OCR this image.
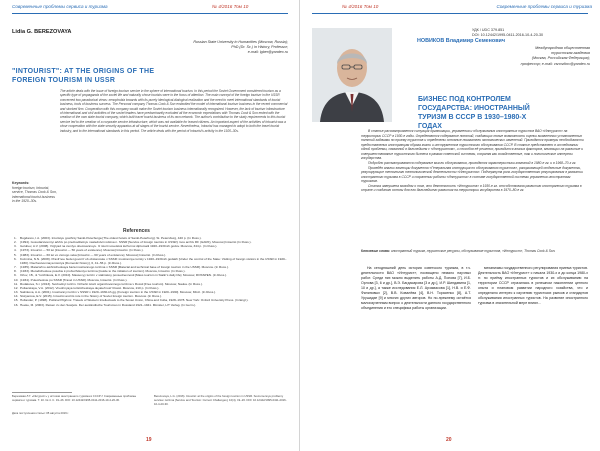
Современные проблемы сервиса и туризма	№ 4/2016 Том 10
Lidia G. BEREZOVAYA
Russian State University in Humanities (Moscow, Russia);
PhD (Dr. Sc.) in History, Professor;
e-mail: lgber@yandex.ru
"INTOURIST": AT THE ORIGINS OF THE FOREIGN TOURISM IN USSR
The article deals with the issue of foreign tourism service in the sphere of international tourism. In this period the Soviet Government considered tourism as a specific type of propaganda of the soviet life and naturally chose tourists were in the focus of attention. The main concept of the foreign tourism in the USSR concerned two paradoxical views: xenophobia towards with its purely ideological-dialogical realization and the need to meet international standards of tourist business, tools of business success. The Personal company Thomas Cook & Son embodied the model of international tourism business in the recent commercial and stocked firm. Cooperation with this company would make the Soviet tourism business internationally recognized. However, the lack of tourism infrastructure of international and civil activities of the soviet leaders have predominantly excluded all the economic expectations with Thomas Cook & Son ended with the creation of the own state tourist company, which built travel tourist business of its own network. The author's contribution to the study requirements to this tourist service led to the creation of a corporate service infrastructure, which was not available for leased citizens. An important aspect of the activities of Intourist was a close cooperation with the state security apparatus at all stages of the tourist service. Nevertheless, Intourist has managed to adopt to both the travel tourist industry, and to the international standards in this period. The article deals with the period of Intourist's activity in the 1920–30s.
Keywords:
foreign tourism, Intourist, service, Thomas Cook & Son, international tourist business in the 1920–30s.
References
1.	Bogdanov, I.A. (2003). Inturistye gosthniy Sankt-Peterburga [The oldest hotels of Sankt-Peterburg]. St. Petersburg, 440 p. (In Russ.).
2.	(1994). Gosudarstvennyi arkhiv po predvoditelnyu nasledstvii rodstva n. SSSR [Service of foreign tourists in USSR]. Gos archiv RF (GARF), Moscow] Intourist (In Russ.).
3.	Golubev, A.V. (2008). Vzglyad na zemlyu obetovannuyu. Iz istorii sovetskoi kul'turnoi diplomatii 1920–1930-kh godov. Moscow, 344 p. (In Russ.).
4.	(1973). Intourist — 50 let [Intourist — 50 years of existence]. Moscow] Intourist. (In Russ.).
5.	(1983). Intourist — 60 let vo vtorogo veka [Intourist — 60 years of existence]. Moscow] Intourist. (In Russ.).
6.	Kuzmina, N.N. (2008). Pravil'noe budet govorit' ob obstanovke v SSSR: inostrannye turisty v 1920–1930-kh godakh [Under the control of the State: Visiting of foreign visitors in the USSR in 1920–1930]. Otechestvennaya istoriya [Domestic history], 6, 41–56 p. (In Russ.).
7.	(1935). Material'no-tekhnicheskaya baza inostrannogo turizma v SSSR [Material and technical base of foreign tourism in the USSR]. Moscow. (In Russ.).
8.	(1933). Metodicheskoe posobie k probuzhdeniyu turizma [Guide to the initiation of tourism]. Moscow, Intourist. (In Russ.).
9.	Orlov, I.B., & Yurchikova, E.V. (2010). Massovyy turizm v stalinskoy povsednevnosti [Mass tourism in Stalin's daily life]. Moscow, ROSSPEN. (In Russ.).
10. (1934). Puteshestvie po SSSR [Travel in USSR]. Moscow, Intourist. (In Russ.).
11. Rudakova, S.I. (2013). Svobodnyi turizm. Ocherki istorii organizovannogo turizma v Rossii [Free tourism]. Moscow, Nauka. (In Russ.).
12. Poltavskaya, V.A. (2012). Vneshnyaya turisticheskaya deyatel'nost' Rossii. Moscow, 210 p. (In Russ.).
13. Salnikova, A.A. (2001). Inostrannyi turizm v SSSR v 1920–1930-kh gg. [Foreign tourism in the USSR in 1920–1930]. Moscow, MGU. (In Russ.).
14. Stolyarova, E.V. (2015). Intourist and its role in the history of Soviet foreign tourism. Moscow. (In Russ.).
15. Hollander, P. (1998). Political Pilgrims: Travels of Western Intellectuals to the Soviet Union, China and Cuba, 1928–1978. New York: Oxford University Press. (In Engl.).
16. Heeke, M. (2003). Reisen zu den Sowjets. Der ausländische Tourismus in Russland 1921–1941. Münster, LIT Verlag. (In Germ.).
Березовая Л.Г. «Интурист» у истоков иностранного туризма в СССР // Современные проблемы сервиса и туризма. Т. 10. № 4. С. 19–26. DOI: 10.12442/1995-0411-2016-10-4-20-30.
Berezovaya, L.G. (2016). Intourist: at the origins of the foreign tourism in USSR. Sovremennye problemy servisa i turizma [Service and Tourism: Current Challenges], 10(4), 19–26. DOI: 10.12442/1995-0411-2016-10-4-20-30.
Дата поступления статьи: 05 августа 2016 г.
19
№ 4/2016 Том 10	Современные проблемы сервиса и туризма
УДК / UDC 379.851
DOI: 10.12442/1995-0411-2016-10-4-20-30
НОВИКОВ Владимир Семенович
Международная общественная
туристская академия
(Москва, Российская Федерация);
профессор; e-mail: vsnovikov@yandex.ru
БИЗНЕС ПОД КОНТРОЛЕМ ГОСУДАРСТВА: ИНОСТРАННЫЙ ТУРИЗМ В СССР В 1930–1980-Х ГОДАХ

В статье рассматривается ситуация организации, управления и обслуживания иностранных туристов ВАО «Интурист» на территории СССР в 1930-е годы. Определяются содержание понятий, создающих новые возможности оценки выявленных установленных понятий задачами по приему туристов и определены основные показатели экономических изменений. Приводятся примеры необходимости предоставления иностранцам образа жизни и инструментов туристского обслуживания СССР. В статье представлено в исследовании одной проблемы, связанной в дальнейшем с «Интуристом», и способов её решения; приводится анализ факторов, влияющих на развитие и совершенствование туристского бизнеса в рамках советской системы, сохраняя как хозяйственные, так и политические интересы государства.

Подробно рассматриваются содержание мысли обслуживания, приводятся характеристики компаний в 1980-е гг. и в 1968–70-х гг.

Приведён анализ эволюции документа «Генеральная инструкция по обслуживанию туристов», раскрывающей отдельные документы, регулирующие технологию технологической деятельности «Интуриста». Подчеркнута роль государственного регулирования в развитии иностранного туризма в СССР и сохранении работы «Интуриста» в составе государственной системы управления иностранным туризмом.

Статья завершена выводом о том, что деятельность «Интуриста» в 1930-е гг. способствовала развитию иностранного туризма в стране и созданию основы для его дальнейшего развития на территории государства в 1970–80-е гг.

Ключевые слова: иностранный туризм, туристские ресурсы, обслуживание туристов, «Интурист», Thomas Cook & Son.

На сегодняшний день история советского туризма, в т.ч. деятельности ВАО «Интурист», посвящено немало научных работ. Среди них можно выделить работы А.Д. Попова [7], И.Б. Орлова [3, 6 и др.], В.Э. Багдасарова [3 и др.], И.Р. Шиндавина [1, 10 и др.], а также исследования Е.Л. Арзамасова [1], Н.В. и Е.Ф. Филиновых [2], В.В. Ковалёва [4], В.Н. Торасенко [8], А.Т. Урушадзе [9] и многих других авторов. Но по-прежнему остаётся малоизученным вопрос о деятельности данного государственного объединения и его специфика работы организации.

механизмы государственного регулирования приема туристов. Деятельность ВАО «Интурист» с начала 1930-х и до конца 1980-х гг. по приёму иностранных туристов и их обслуживанию на территории СССР отразилась в успешном накоплении ценного опыта и плановом развитии народного хозяйства, что и определило интерес к изучению туристских рынков и стандартов обслуживания иностранных туристов. На развитие иностранного туризма в значительной мере влиял...

20
